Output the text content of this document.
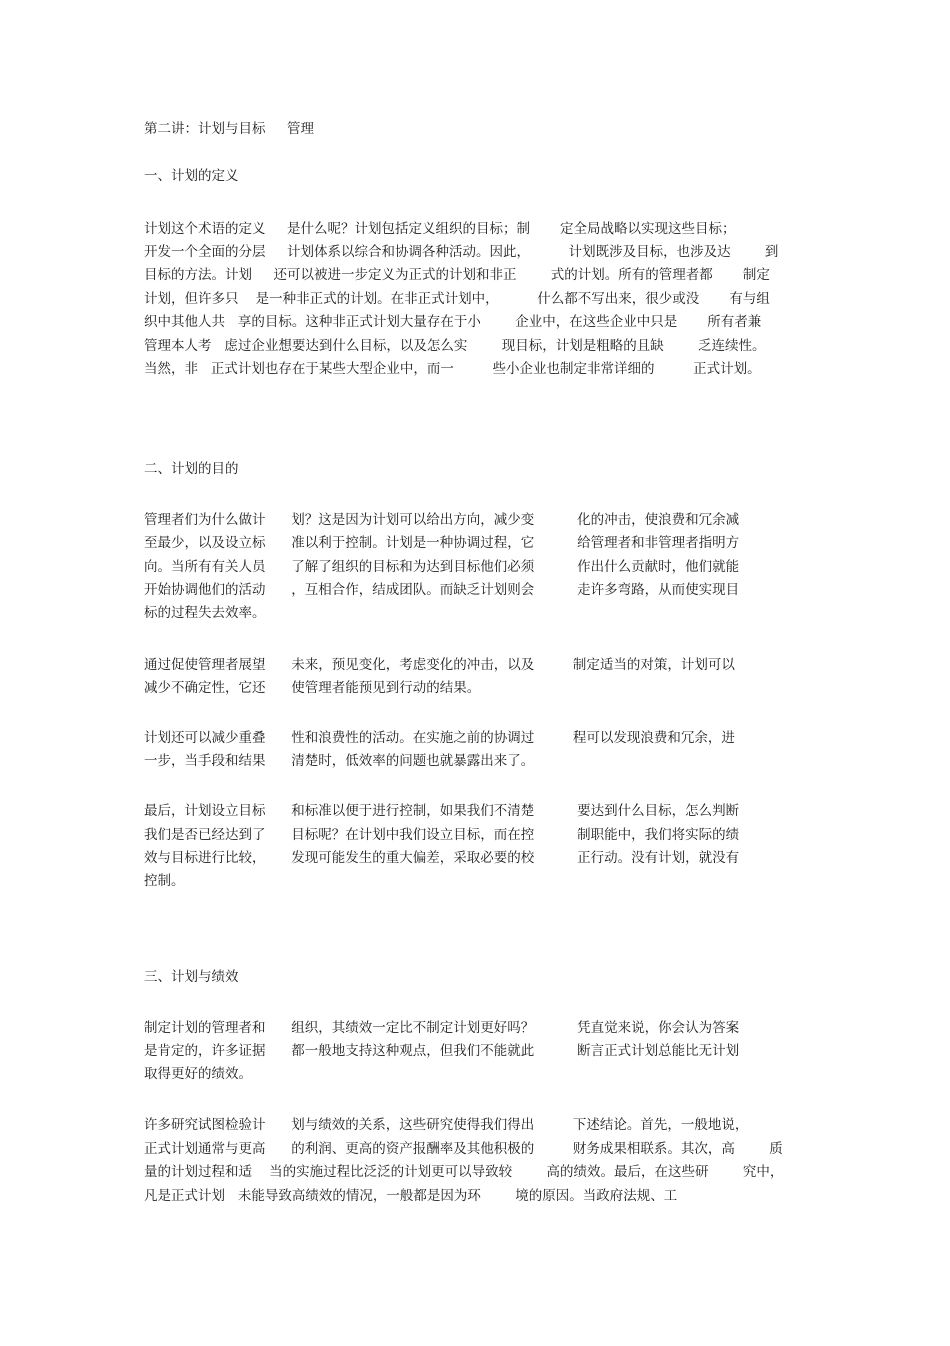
第二讲：计划与目标     管理
一、计划的定义
计划这个术语的定义     是什么呢？计划包括定义组织的目标；制       定全局战略以实现这些目标；
开发一个全面的分层     计划体系以综合和协调各种活动。因此，         计划既涉及目标，也涉及达        到
目标的方法。计划     还可以被进一步定义为正式的计划和非正        式的计划。所有的管理者都       制定
计划，但许多只    是一种非正式的计划。在非正式计划中，         什么都不写出来，很少或没       有与组
织中其他人共   享的目标。这种非正式计划大量存在于小        企业中，在这些企业中只是       所有者兼
管理本人考   虑过企业想要达到什么目标，以及怎么实        现目标，计划是粗略的且缺        乏连续性。
当然，非   正式计划也存在于某些大型企业中，而一         些小企业也制定非常详细的         正式计划。
二、计划的目的
管理者们为什么做计      划？这是因为计划可以给出方向，减少变          化的冲击，使浪费和冗余减
至最少，以及设立标      准以利于控制。计划是一种协调过程，它          给管理者和非管理者指明方
向。当所有有关人员      了解了组织的目标和为达到目标他们必须          作出什么贡献时，他们就能
开始协调他们的活动      ，互相合作，结成团队。而缺乏计划则会          走许多弯路，从而使实现目
标的过程失去效率。
通过促使管理者展望      未来，预见变化，考虑变化的冲击，以及         制定适当的对策，计划可以
减少不确定性，它还      使管理者能预见到行动的结果。
计划还可以减少重叠      性和浪费性的活动。在实施之前的协调过         程可以发现浪费和冗余，进
一步，当手段和结果      清楚时，低效率的问题也就暴露出来了。
最后，计划设立目标      和标准以便于进行控制，如果我们不清楚          要达到什么目标，怎么判断
我们是否已经达到了      目标呢？在计划中我们设立目标，而在控          制职能中，我们将实际的绩
效与目标进行比较，      发现可能发生的重大偏差，采取必要的校          正行动。没有计划，就没有
控制。
三、计划与绩效
制定计划的管理者和      组织，其绩效一定比不制定计划更好吗？          凭直觉来说，你会认为答案
是肯定的，许多证据      都一般地支持这种观点，但我们不能就此          断言正式计划总能比无计划
取得更好的绩效。
许多研究试图检验计      划与绩效的关系，这些研究使得我们得出         下述结论。首先，一般地说，
正式计划通常与更高      的利润、更高的资产报酬率及其他积极的         财务成果相联系。其次，高        质
量的计划过程和适    当的实施过程比泛泛的计划更可以导致较        高的绩效。最后，在这些研        究中，
凡是正式计划   未能导致高绩效的情况，一般都是因为环        境的原因。当政府法规、工
